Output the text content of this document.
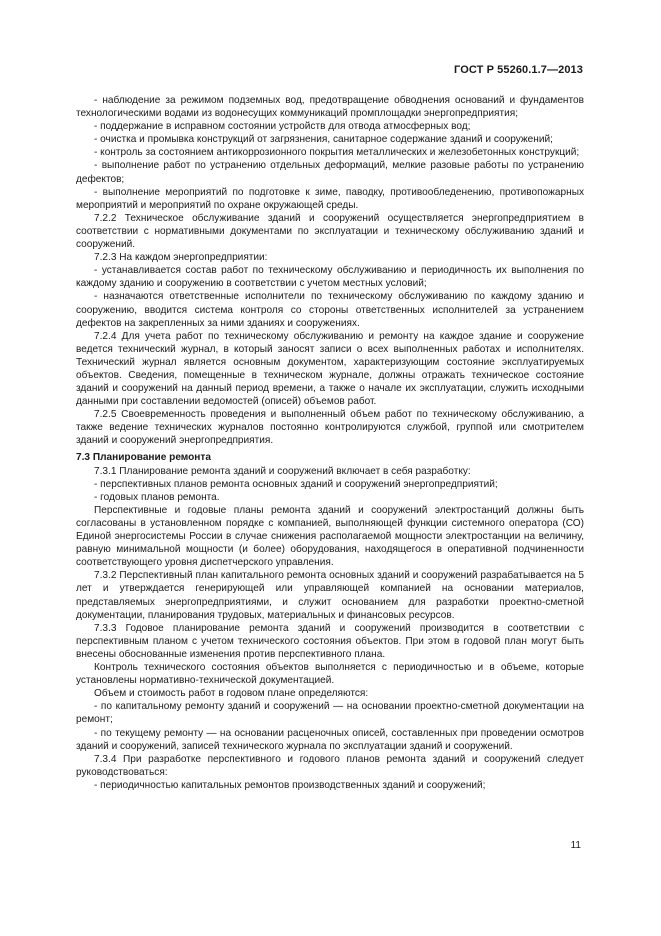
ГОСТ Р 55260.1.7—2013

- наблюдение за режимом подземных вод, предотвращение обводнения оснований и фундаментов технологическими водами из водонесущих коммуникаций промплощадки энергопредприятия;

- поддержание в исправном состоянии устройств для отвода атмосферных вод;

- очистка и промывка конструкций от загрязнения, санитарное содержание зданий и сооружений;

- контроль за состоянием антикоррозионного покрытия металлических и железобетонных конструкций;

- выполнение работ по устранению отдельных деформаций, мелкие разовые работы по устранению дефектов;

- выполнение мероприятий по подготовке к зиме, паводку, противообледенению, противопожарных мероприятий и мероприятий по охране окружающей среды.

7.2.2 Техническое обслуживание зданий и сооружений осуществляется энергопредприятием в соответствии с нормативными документами по эксплуатации и техническому обслуживанию зданий и сооружений.

7.2.3 На каждом энергопредприятии:

- устанавливается состав работ по техническому обслуживанию и периодичность их выполнения по каждому зданию и сооружению в соответствии с учетом местных условий;

- назначаются ответственные исполнители по техническому обслуживанию по каждому зданию и сооружению, вводится система контроля со стороны ответственных исполнителей за устранением дефектов на закрепленных за ними зданиях и сооружениях.

7.2.4 Для учета работ по техническому обслуживанию и ремонту на каждое здание и сооружение ведется технический журнал, в который заносят записи о всех выполненных работах и исполнителях. Технический журнал является основным документом, характеризующим состояние эксплуатируемых объектов. Сведения, помещенные в техническом журнале, должны отражать техническое состояние зданий и сооружений на данный период времени, а также о начале их эксплуатации, служить исходными данными при составлении ведомостей (описей) объемов работ.

7.2.5 Своевременность проведения и выполненный объем работ по техническому обслуживанию, а также ведение технических журналов постоянно контролируются службой, группой или смотрителем зданий и сооружений энергопредприятия.

7.3 Планирование ремонта

7.3.1 Планирование ремонта зданий и сооружений включает в себя разработку:

- перспективных планов ремонта основных зданий и сооружений энергопредприятий;

- годовых планов ремонта.

Перспективные и годовые планы ремонта зданий и сооружений электростанций должны быть согласованы в установленном порядке с компанией, выполняющей функции системного оператора (СО) Единой энергосистемы России в случае снижения располагаемой мощности электростанции на величину, равную минимальной мощности (и более) оборудования, находящегося в оперативной подчиненности соответствующего уровня диспетчерского управления.

7.3.2 Перспективный план капитального ремонта основных зданий и сооружений разрабатывается на 5 лет и утверждается генерирующей или управляющей компанией на основании материалов, представляемых энергопредприятиями, и служит основанием для разработки проектно-сметной документации, планирования трудовых, материальных и финансовых ресурсов.

7.3.3 Годовое планирование ремонта зданий и сооружений производится в соответствии с перспективным планом с учетом технического состояния объектов. При этом в годовой план могут быть внесены обоснованные изменения против перспективного плана.

Контроль технического состояния объектов выполняется с периодичностью и в объеме, которые установлены нормативно-технической документацией.

Объем и стоимость работ в годовом плане определяются:

- по капитальному ремонту зданий и сооружений — на основании проектно-сметной документации на ремонт;

- по текущему ремонту — на основании расценочных описей, составленных при проведении осмотров зданий и сооружений, записей технического журнала по эксплуатации зданий и сооружений.

7.3.4 При разработке перспективного и годового планов ремонта зданий и сооружений следует руководствоваться:

- периодичностью капитальных ремонтов производственных зданий и сооружений;

11
